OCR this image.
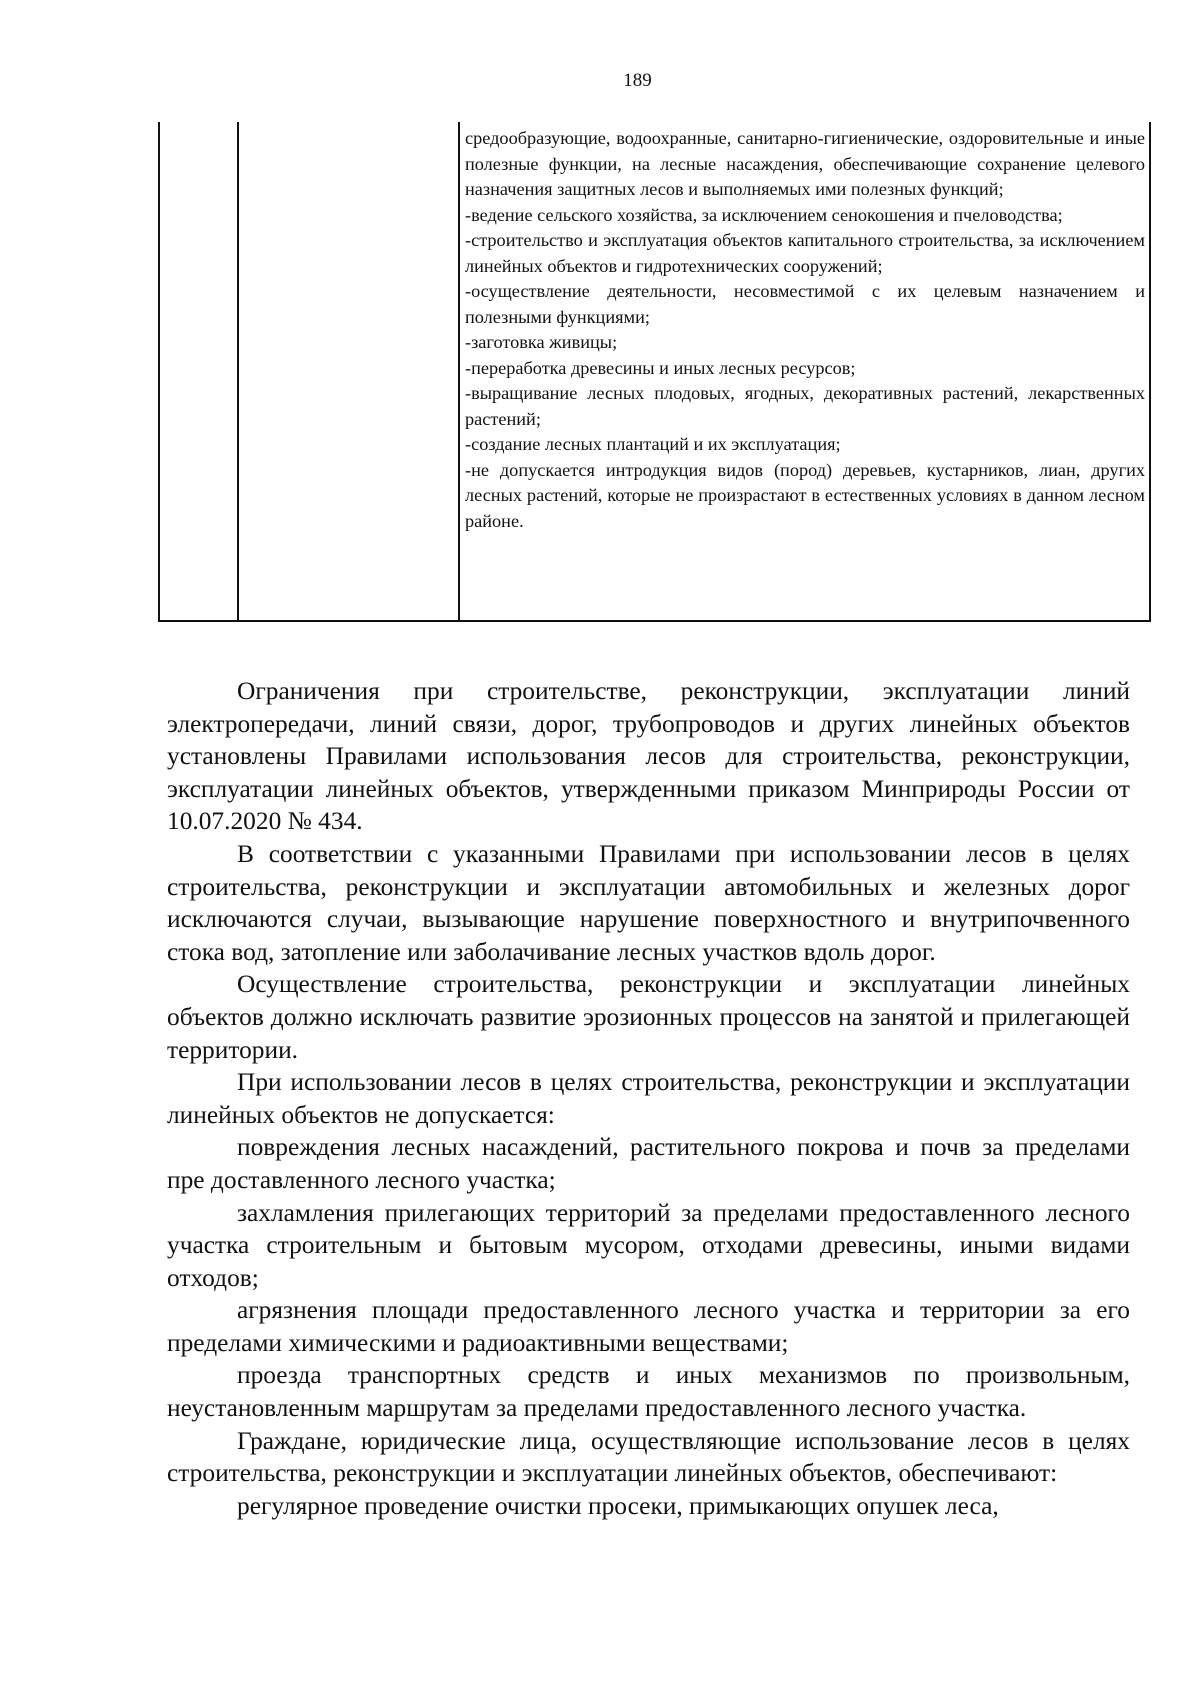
189

средообразующие, водоохранные, санитарно-гигиенические, оздоровительные и иные полезные функции, на лесные насаждения, обеспечивающие сохранение целевого назначения защитных лесов и выполняемых ими полезных функций;

-ведение сельского хозяйства, за исключением сенокошения и пчеловодства;

-строительство и эксплуатация объектов капитального строительства, за исключением линейных объектов и гидротехнических сооружений;

-осуществление деятельности, несовместимой с их целевым назначением и полезными функциями;

-заготовка живицы;

-переработка древесины и иных лесных ресурсов;

-выращивание лесных плодовых, ягодных, декоративных растений, лекарственных растений;

-создание лесных плантаций и их эксплуатация;

-не допускается интродукция видов (пород) деревьев, кустарников, лиан, других лесных растений, которые не произрастают в естественных условиях в данном лесном районе.

Ограничения при строительстве, реконструкции, эксплуатации линий электропередачи, линий связи, дорог, трубопроводов и других линейных объектов установлены Правилами использования лесов для строительства, реконструкции, эксплуатации линейных объектов, утвержденными приказом Минприроды России от 10.07.2020 № 434.

В соответствии с указанными Правилами при использовании лесов в целях строительства, реконструкции и эксплуатации автомобильных и железных дорог исключаются случаи, вызывающие нарушение поверхностного и внутрипочвенного стока вод, затопление или заболачивание лесных участков вдоль дорог.

Осуществление строительства, реконструкции и эксплуатации линейных объектов должно исключать развитие эрозионных процессов на занятой и прилегающей территории.

При использовании лесов в целях строительства, реконструкции и эксплуатации линейных объектов не допускается:

повреждения лесных насаждений, растительного покрова и почв за пределами пре доставленного лесного участка;

захламления прилегающих территорий за пределами предоставленного лесного участка строительным и бытовым мусором, отходами древесины, иными видами отходов;

агрязнения площади предоставленного лесного участка и территории за его пределами химическими и радиоактивными веществами;

проезда транспортных средств и иных механизмов по произвольным, неустановленным маршрутам за пределами предоставленного лесного участка.

Граждане, юридические лица, осуществляющие использование лесов в целях строительства, реконструкции и эксплуатации линейных объектов, обеспечивают:

регулярное проведение очистки просеки, примыкающих опушек леса,
